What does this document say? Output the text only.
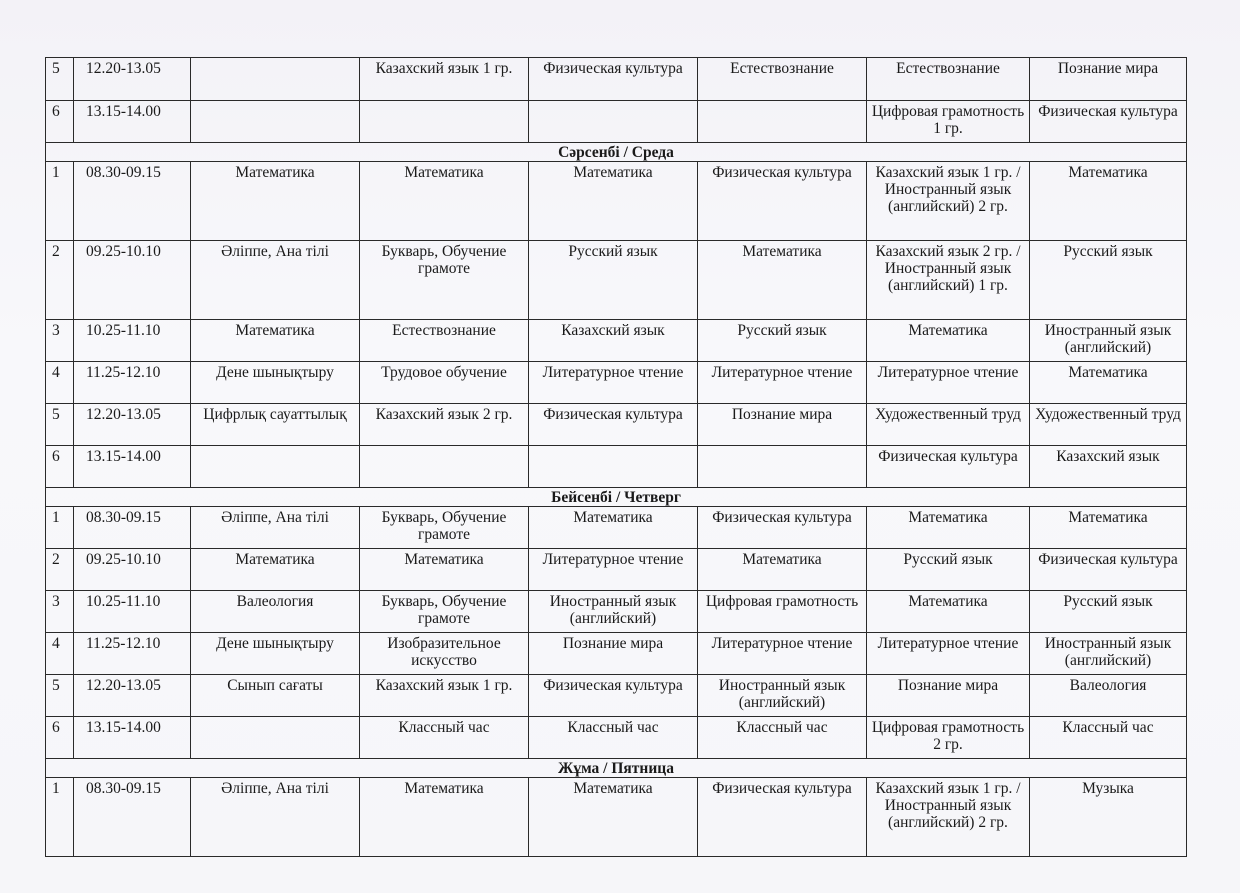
5	12.20-13.05		Казахский язык 1 гр.	Физическая культура	Естествознание	Естествознание	Познание мира
6	13.15-14.00					Цифровая грамотность 1 гр.	Физическая культура
Сәрсенбі / Среда							
1	08.30-09.15	Математика	Математика	Математика	Физическая культура	Казахский язык 1 гр. / Иностранный язык (английский) 2 гр.	Математика
2	09.25-10.10	Әліппе, Ана тілі	Букварь, Обучение грамоте	Русский язык	Математика	Казахский язык 2 гр. / Иностранный язык (английский) 1 гр.	Русский язык
3	10.25-11.10	Математика	Естествознание	Казахский язык	Русский язык	Математика	Иностранный язык (английский)
4	11.25-12.10	Дене шынықтыру	Трудовое обучение	Литературное чтение	Литературное чтение	Литературное чтение	Математика
5	12.20-13.05	Цифрлық сауаттылық	Казахский язык 2 гр.	Физическая культура	Познание мира	Художественный труд	Художественный труд
6	13.15-14.00					Физическая культура	Казахский язык
Бейсенбі / Четверг							
1	08.30-09.15	Әліппе, Ана тілі	Букварь, Обучение грамоте	Математика	Физическая культура	Математика	Математика
2	09.25-10.10	Математика	Математика	Литературное чтение	Математика	Русский язык	Физическая культура
3	10.25-11.10	Валеология	Букварь, Обучение грамоте	Иностранный язык (английский)	Цифровая грамотность	Математика	Русский язык
4	11.25-12.10	Дене шынықтыру	Изобразительное искусство	Познание мира	Литературное чтение	Литературное чтение	Иностранный язык (английский)
5	12.20-13.05	Сынып сағаты	Казахский язык 1 гр.	Физическая культура	Иностранный язык (английский)	Познание мира	Валеология
6	13.15-14.00		Классный час	Классный час	Классный час	Цифровая грамотность 2 гр.	Классный час
Жұма / Пятница							
1	08.30-09.15	Әліппе, Ана тілі	Математика	Математика	Физическая культура	Казахский язык 1 гр. / Иностранный язык (английский) 2 гр.	Музыка
